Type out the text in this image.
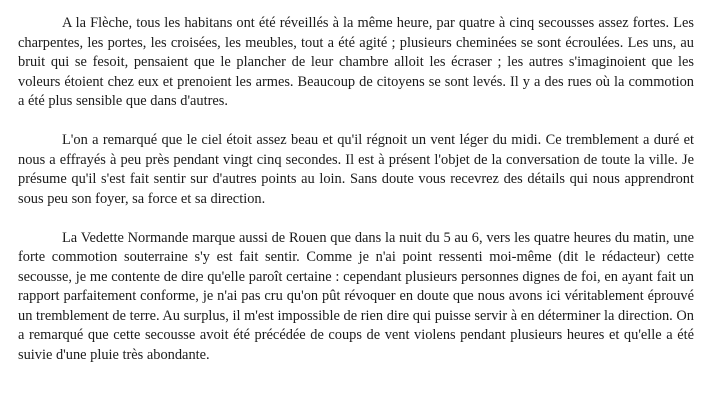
A la Flèche, tous les habitans ont été réveillés à la même heure, par quatre à cinq secousses assez fortes. Les charpentes, les portes, les croisées, les meubles, tout a été agité ; plusieurs cheminées se sont écroulées. Les uns, au bruit qui se fesoit, pensaient que le plancher de leur chambre alloit les écraser ; les autres s'imaginoient que les voleurs étoient chez eux et prenoient les armes. Beaucoup de citoyens se sont levés. Il y a des rues où la commotion a été plus sensible que dans d'autres.

L'on a remarqué que le ciel étoit assez beau et qu'il régnoit un vent léger du midi. Ce tremblement a duré et nous a effrayés à peu près pendant vingt cinq secondes. Il est à présent l'objet de la conversation de toute la ville. Je présume qu'il s'est fait sentir sur d'autres points au loin. Sans doute vous recevrez des détails qui nous apprendront sous peu son foyer, sa force et sa direction.

La Vedette Normande marque aussi de Rouen que dans la nuit du 5 au 6, vers les quatre heures du matin, une forte commotion souterraine s'y est fait sentir. Comme je n'ai point ressenti moi-même (dit le rédacteur) cette secousse, je me contente de dire qu'elle paroît certaine : cependant plusieurs personnes dignes de foi, en ayant fait un rapport parfaitement conforme, je n'ai pas cru qu'on pût révoquer en doute que nous avons ici véritablement éprouvé un tremblement de terre. Au surplus, il m'est impossible de rien dire qui puisse servir à en déterminer la direction. On a remarqué que cette secousse avoit été précédée de coups de vent violens pendant plusieurs heures et qu'elle a été suivie d'une pluie très abondante.
